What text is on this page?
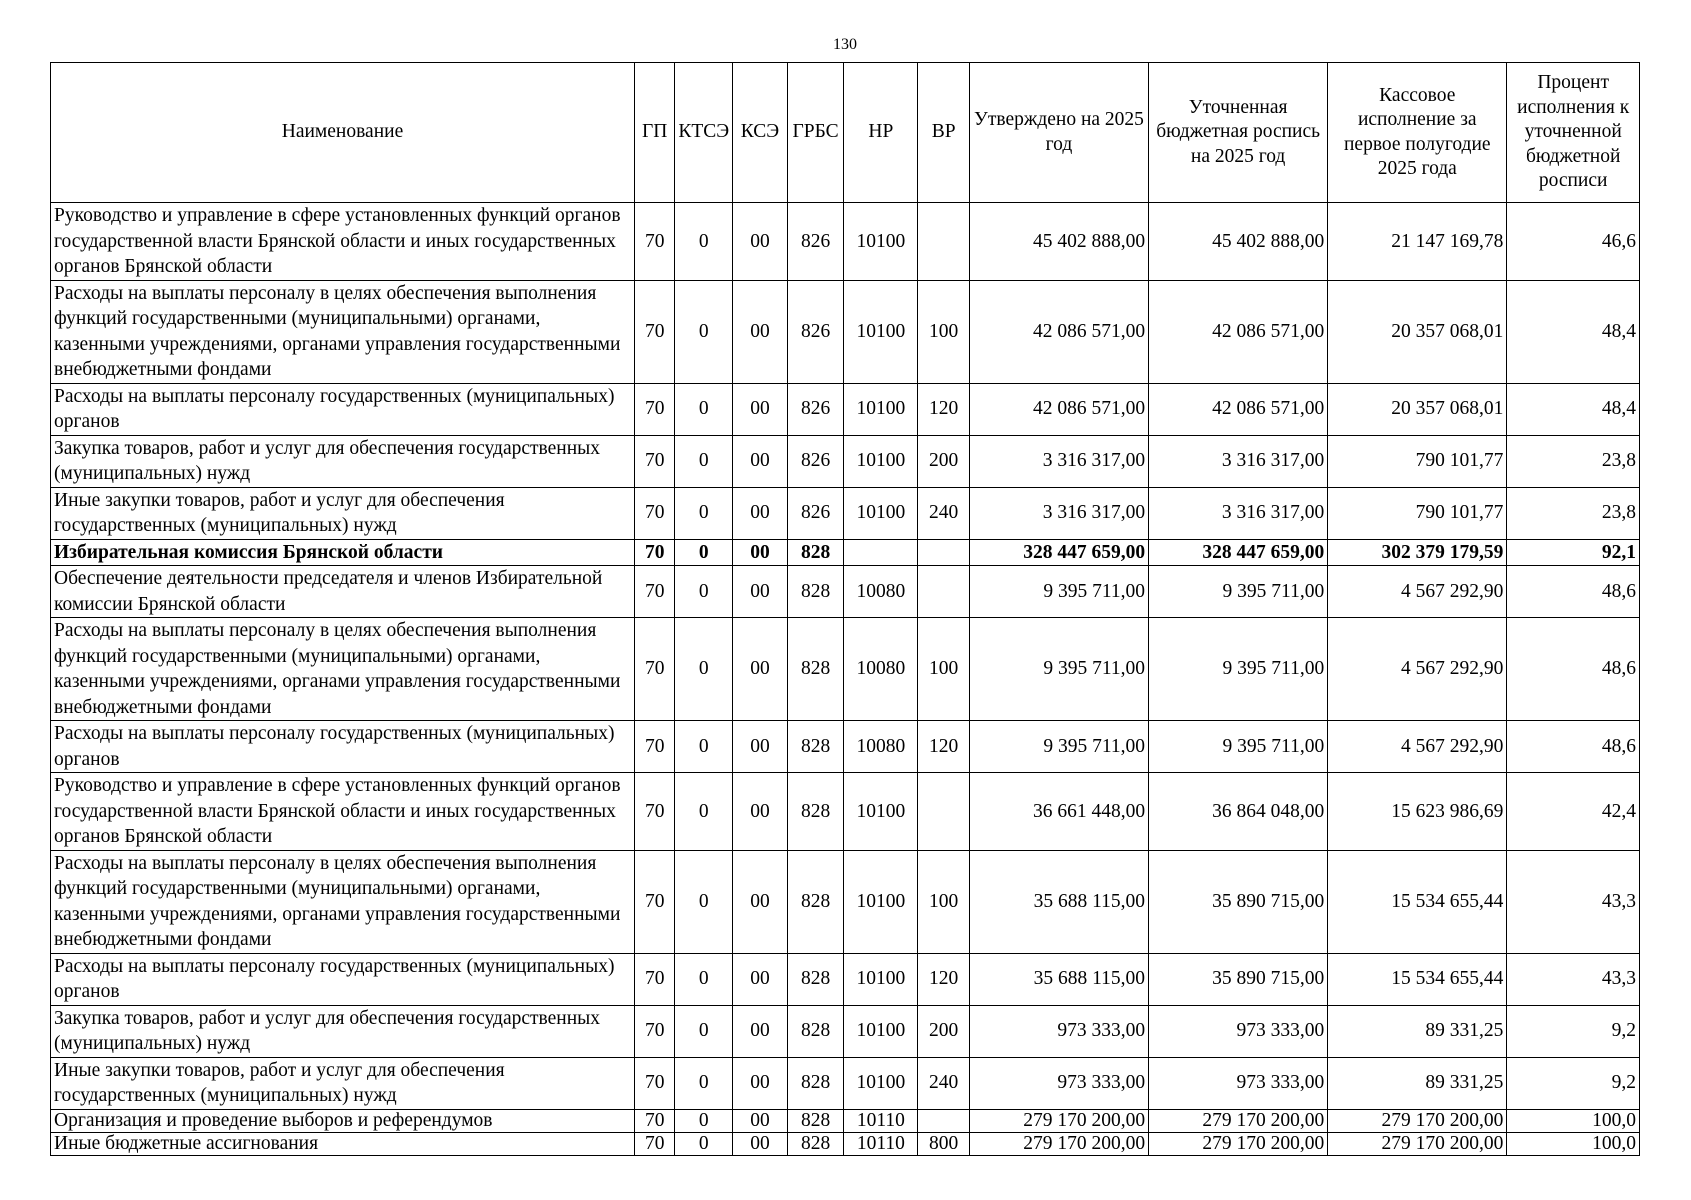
130
Наименование	ГП	КТСЭ	КСЭ	ГРБС	НР	ВР	Утверждено на 2025 год	Уточненная бюджетная роспись на 2025 год	Кассовое исполнение за первое полугодие 2025 года	Процент исполнения к уточненной бюджетной росписи
Руководство и управление в сфере установленных функций органов государственной власти Брянской области и иных государственных органов Брянской области	70	0	00	826	10100		45 402 888,00	45 402 888,00	21 147 169,78	46,6
Расходы на выплаты персоналу в целях обеспечения выполнения функций государственными (муниципальными) органами, казенными учреждениями, органами управления государственными внебюджетными фондами	70	0	00	826	10100	100	42 086 571,00	42 086 571,00	20 357 068,01	48,4
Расходы на выплаты персоналу государственных (муниципальных) органов	70	0	00	826	10100	120	42 086 571,00	42 086 571,00	20 357 068,01	48,4
Закупка товаров, работ и услуг для обеспечения государственных (муниципальных) нужд	70	0	00	826	10100	200	3 316 317,00	3 316 317,00	790 101,77	23,8
Иные закупки товаров, работ и услуг для обеспечения государственных (муниципальных) нужд	70	0	00	826	10100	240	3 316 317,00	3 316 317,00	790 101,77	23,8
Избирательная комиссия Брянской области	70	0	00	828			328 447 659,00	328 447 659,00	302 379 179,59	92,1
Обеспечение деятельности председателя и членов Избирательной комиссии Брянской области	70	0	00	828	10080		9 395 711,00	9 395 711,00	4 567 292,90	48,6
Расходы на выплаты персоналу в целях обеспечения выполнения функций государственными (муниципальными) органами, казенными учреждениями, органами управления государственными внебюджетными фондами	70	0	00	828	10080	100	9 395 711,00	9 395 711,00	4 567 292,90	48,6
Расходы на выплаты персоналу государственных (муниципальных) органов	70	0	00	828	10080	120	9 395 711,00	9 395 711,00	4 567 292,90	48,6
Руководство и управление в сфере установленных функций органов государственной власти Брянской области и иных государственных органов Брянской области	70	0	00	828	10100		36 661 448,00	36 864 048,00	15 623 986,69	42,4
Расходы на выплаты персоналу в целях обеспечения выполнения функций государственными (муниципальными) органами, казенными учреждениями, органами управления государственными внебюджетными фондами	70	0	00	828	10100	100	35 688 115,00	35 890 715,00	15 534 655,44	43,3
Расходы на выплаты персоналу государственных (муниципальных) органов	70	0	00	828	10100	120	35 688 115,00	35 890 715,00	15 534 655,44	43,3
Закупка товаров, работ и услуг для обеспечения государственных (муниципальных) нужд	70	0	00	828	10100	200	973 333,00	973 333,00	89 331,25	9,2
Иные закупки товаров, работ и услуг для обеспечения государственных (муниципальных) нужд	70	0	00	828	10100	240	973 333,00	973 333,00	89 331,25	9,2
Организация и проведение выборов и референдумов	70	0	00	828	10110		279 170 200,00	279 170 200,00	279 170 200,00	100,0
Иные бюджетные ассигнования	70	0	00	828	10110	800	279 170 200,00	279 170 200,00	279 170 200,00	100,0
